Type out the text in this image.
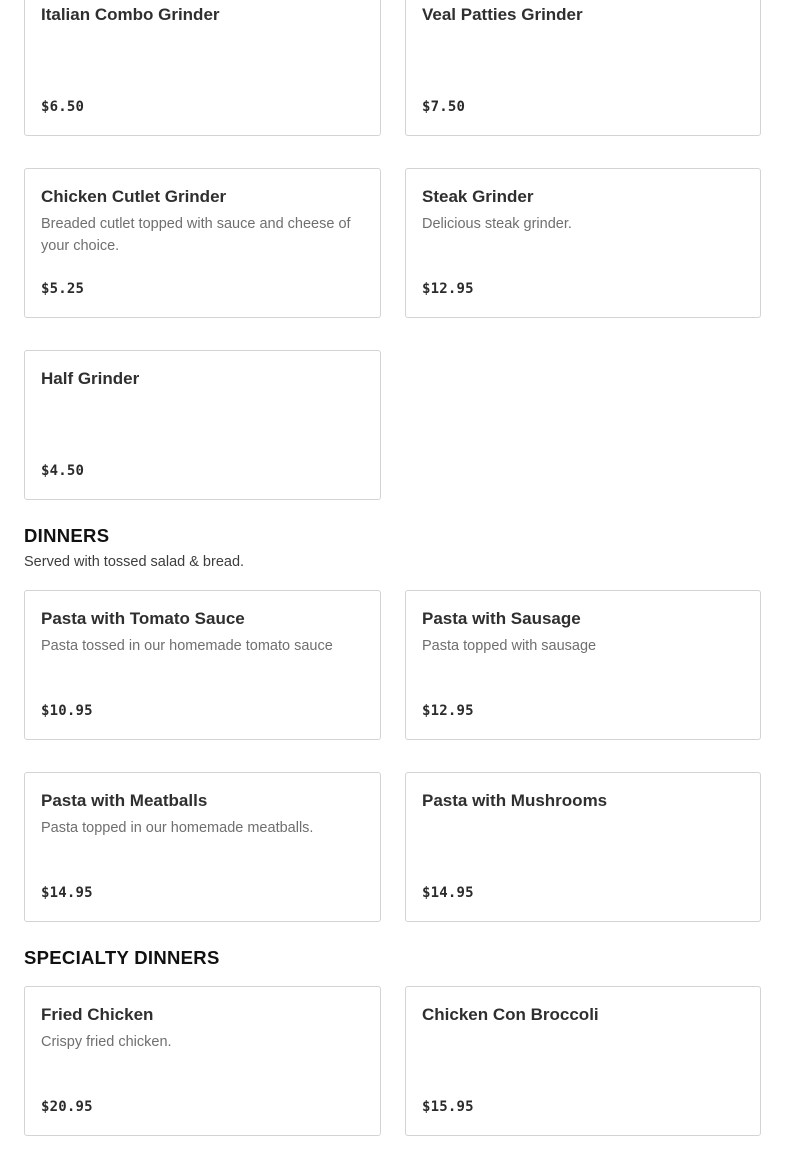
Italian Combo Grinder
$6.50
Veal Patties Grinder
$7.50
Chicken Cutlet Grinder
Breaded cutlet topped with sauce and cheese of your choice.
$5.25
Steak Grinder
Delicious steak grinder.
$12.95
Half Grinder
$4.50
DINNERS

Served with tossed salad & bread.

Pasta with Tomato Sauce
Pasta tossed in our homemade tomato sauce
$10.95
Pasta with Sausage
Pasta topped with sausage
$12.95
Pasta with Meatballs
Pasta topped in our homemade meatballs.
$14.95
Pasta with Mushrooms
$14.95
SPECIALTY DINNERS
Fried Chicken
Crispy fried chicken.
$20.95
Chicken Con Broccoli
$15.95
